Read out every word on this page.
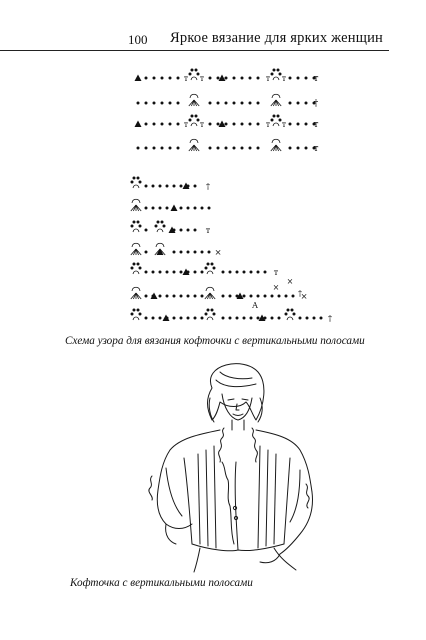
100 Яркое вязание для ярких женщин
т т	т т	т
†
т т	т т	т
т
†
т
×
т
×
†
A
×
×
†
Схема узора для вязания кофточки с вертикальными полосами
Кофточка с вертикальными полосами
